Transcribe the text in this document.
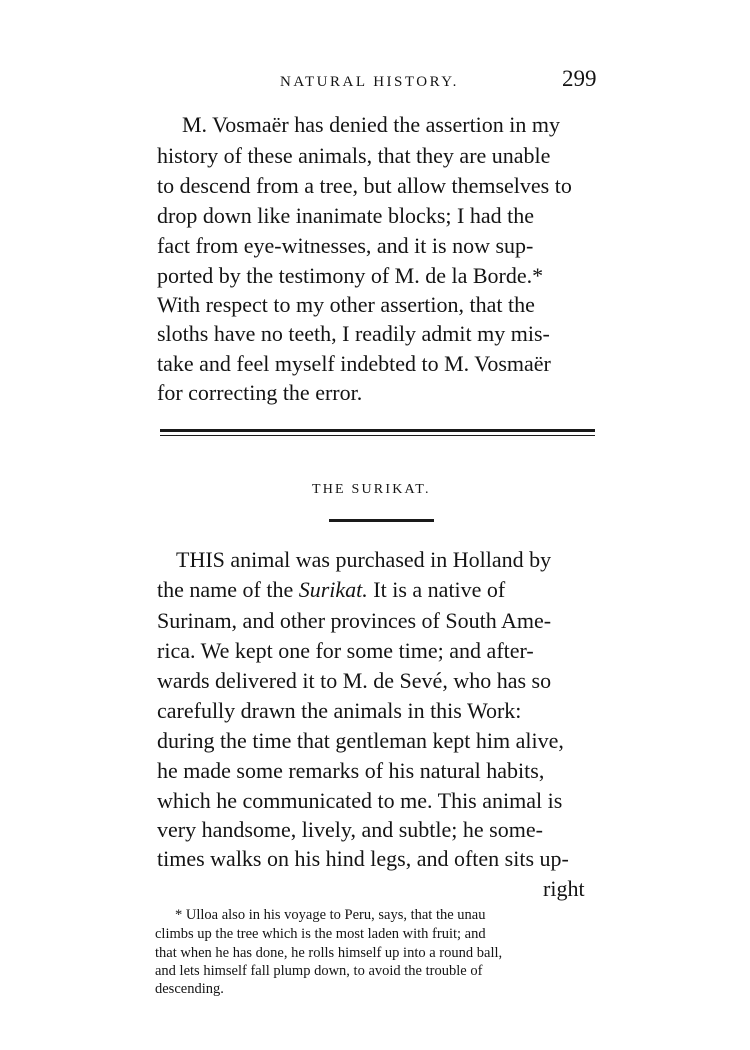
NATURAL HISTORY.	299
M. Vosmaër has denied the assertion in my
history of these animals, that they are unable
to descend from a tree, but allow themselves to
drop down like inanimate blocks; I had the
fact from eye-witnesses, and it is now sup-
ported by the testimony of M. de la Borde.*
With respect to my other assertion, that the
sloths have no teeth, I readily admit my mis-
take and feel myself indebted to M. Vosmaër
for correcting the error.
THE SURIKAT.
THIS animal was purchased in Holland by
the name of the Surikat. It is a native of
Surinam, and other provinces of South Ame-
rica. We kept one for some time; and after-
wards delivered it to M. de Sevé, who has so
carefully drawn the animals in this Work:
during the time that gentleman kept him alive,
he made some remarks of his natural habits,
which he communicated to me. This animal is
very handsome, lively, and subtle; he some-
times walks on his hind legs, and often sits up-
right
* Ulloa also in his voyage to Peru, says, that the unau
climbs up the tree which is the most laden with fruit; and
that when he has done, he rolls himself up into a round ball,
and lets himself fall plump down, to avoid the trouble of
descending.
